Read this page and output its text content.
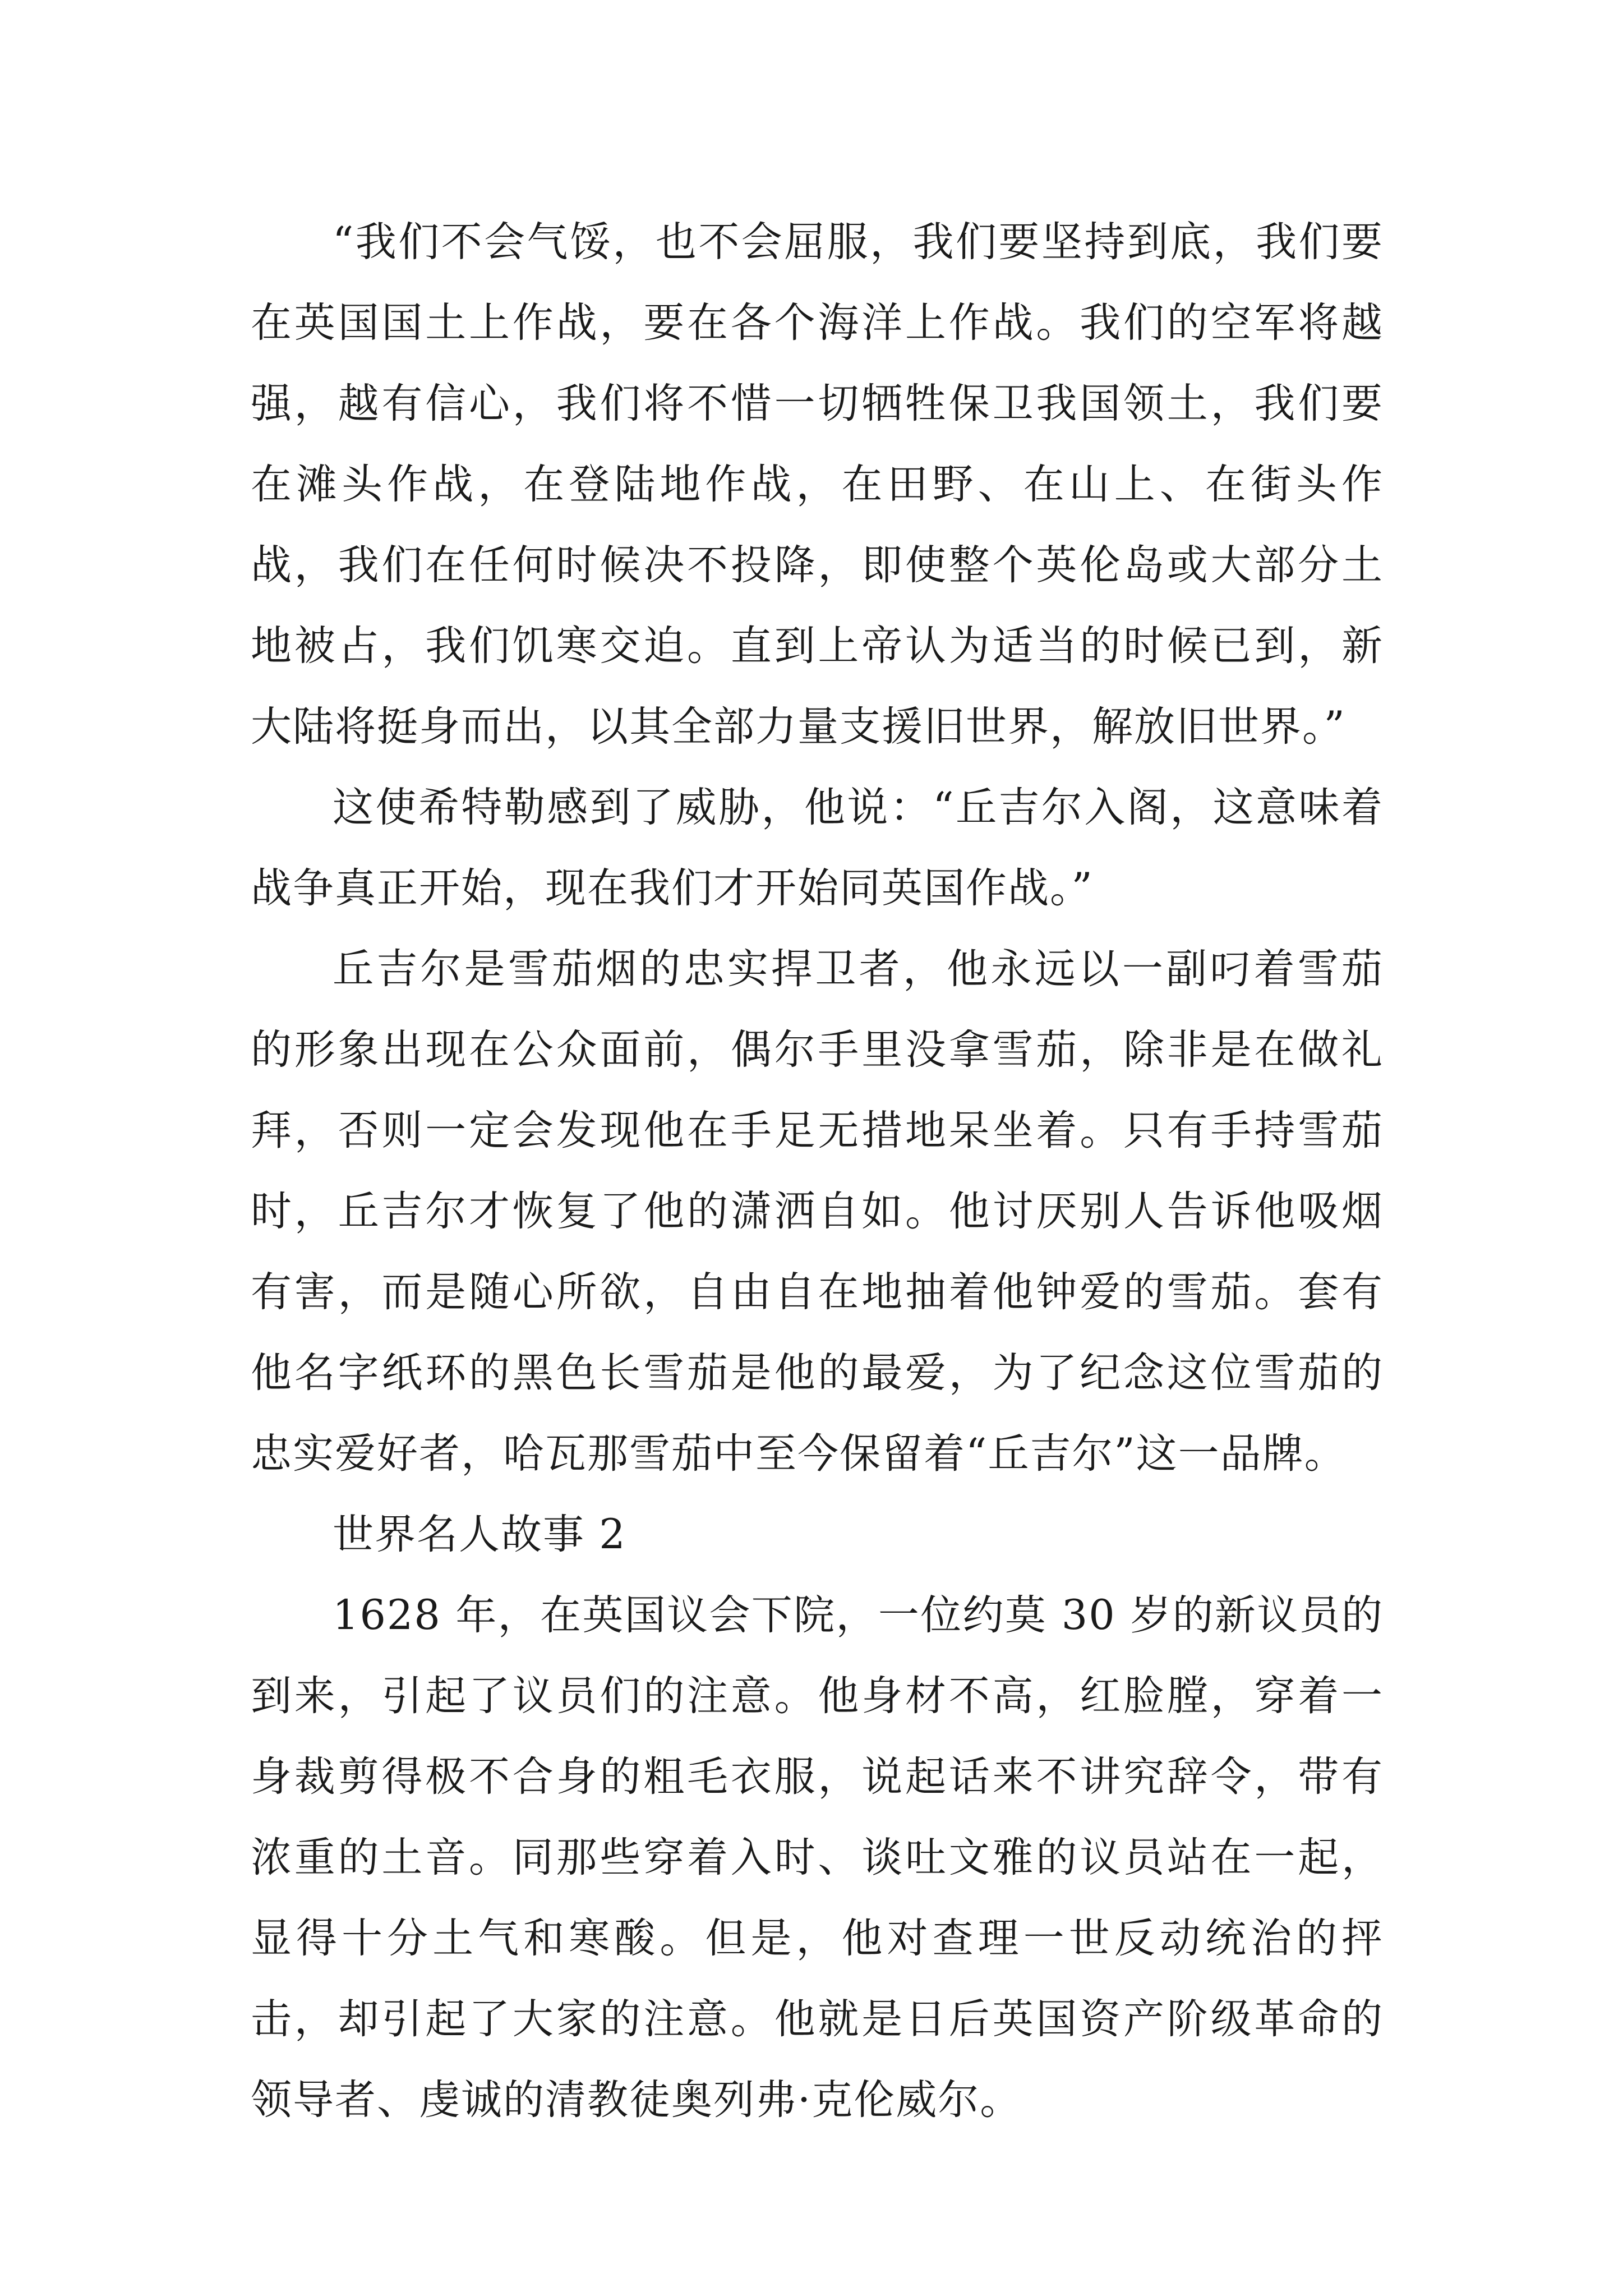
“我们不会气馁，也不会屈服，我们要坚持到底，我们要在英国国土上作战，要在各个海洋上作战。我们的空军将越强，越有信心，我们将不惜一切牺牲保卫我国领土，我们要在滩头作战，在登陆地作战，在田野、在山上、在街头作战，我们在任何时候决不投降，即使整个英伦岛或大部分土地被占，我们饥寒交迫。直到上帝认为适当的时候已到，新大陆将挺身而出，以其全部力量支援旧世界，解放旧世界。”

这使希特勒感到了威胁，他说：“丘吉尔入阁，这意味着战争真正开始，现在我们才开始同英国作战。”

丘吉尔是雪茄烟的忠实捍卫者，他永远以一副叼着雪茄的形象出现在公众面前，偶尔手里没拿雪茄，除非是在做礼拜，否则一定会发现他在手足无措地呆坐着。只有手持雪茄时，丘吉尔才恢复了他的潇洒自如。他讨厌别人告诉他吸烟有害，而是随心所欲，自由自在地抽着他钟爱的雪茄。套有他名字纸环的黑色长雪茄是他的最爱，为了纪念这位雪茄的忠实爱好者，哈瓦那雪茄中至今保留着“丘吉尔”这一品牌。

世界名人故事 2

1628 年，在英国议会下院，一位约莫 30 岁的新议员的到来，引起了议员们的注意。他身材不高，红脸膛，穿着一身裁剪得极不合身的粗毛衣服，说起话来不讲究辞令，带有浓重的土音。同那些穿着入时、谈吐文雅的议员站在一起，显得十分土气和寒酸。但是，他对查理一世反动统治的抨击，却引起了大家的注意。他就是日后英国资产阶级革命的领导者、虔诚的清教徒奥列弗·克伦威尔。
